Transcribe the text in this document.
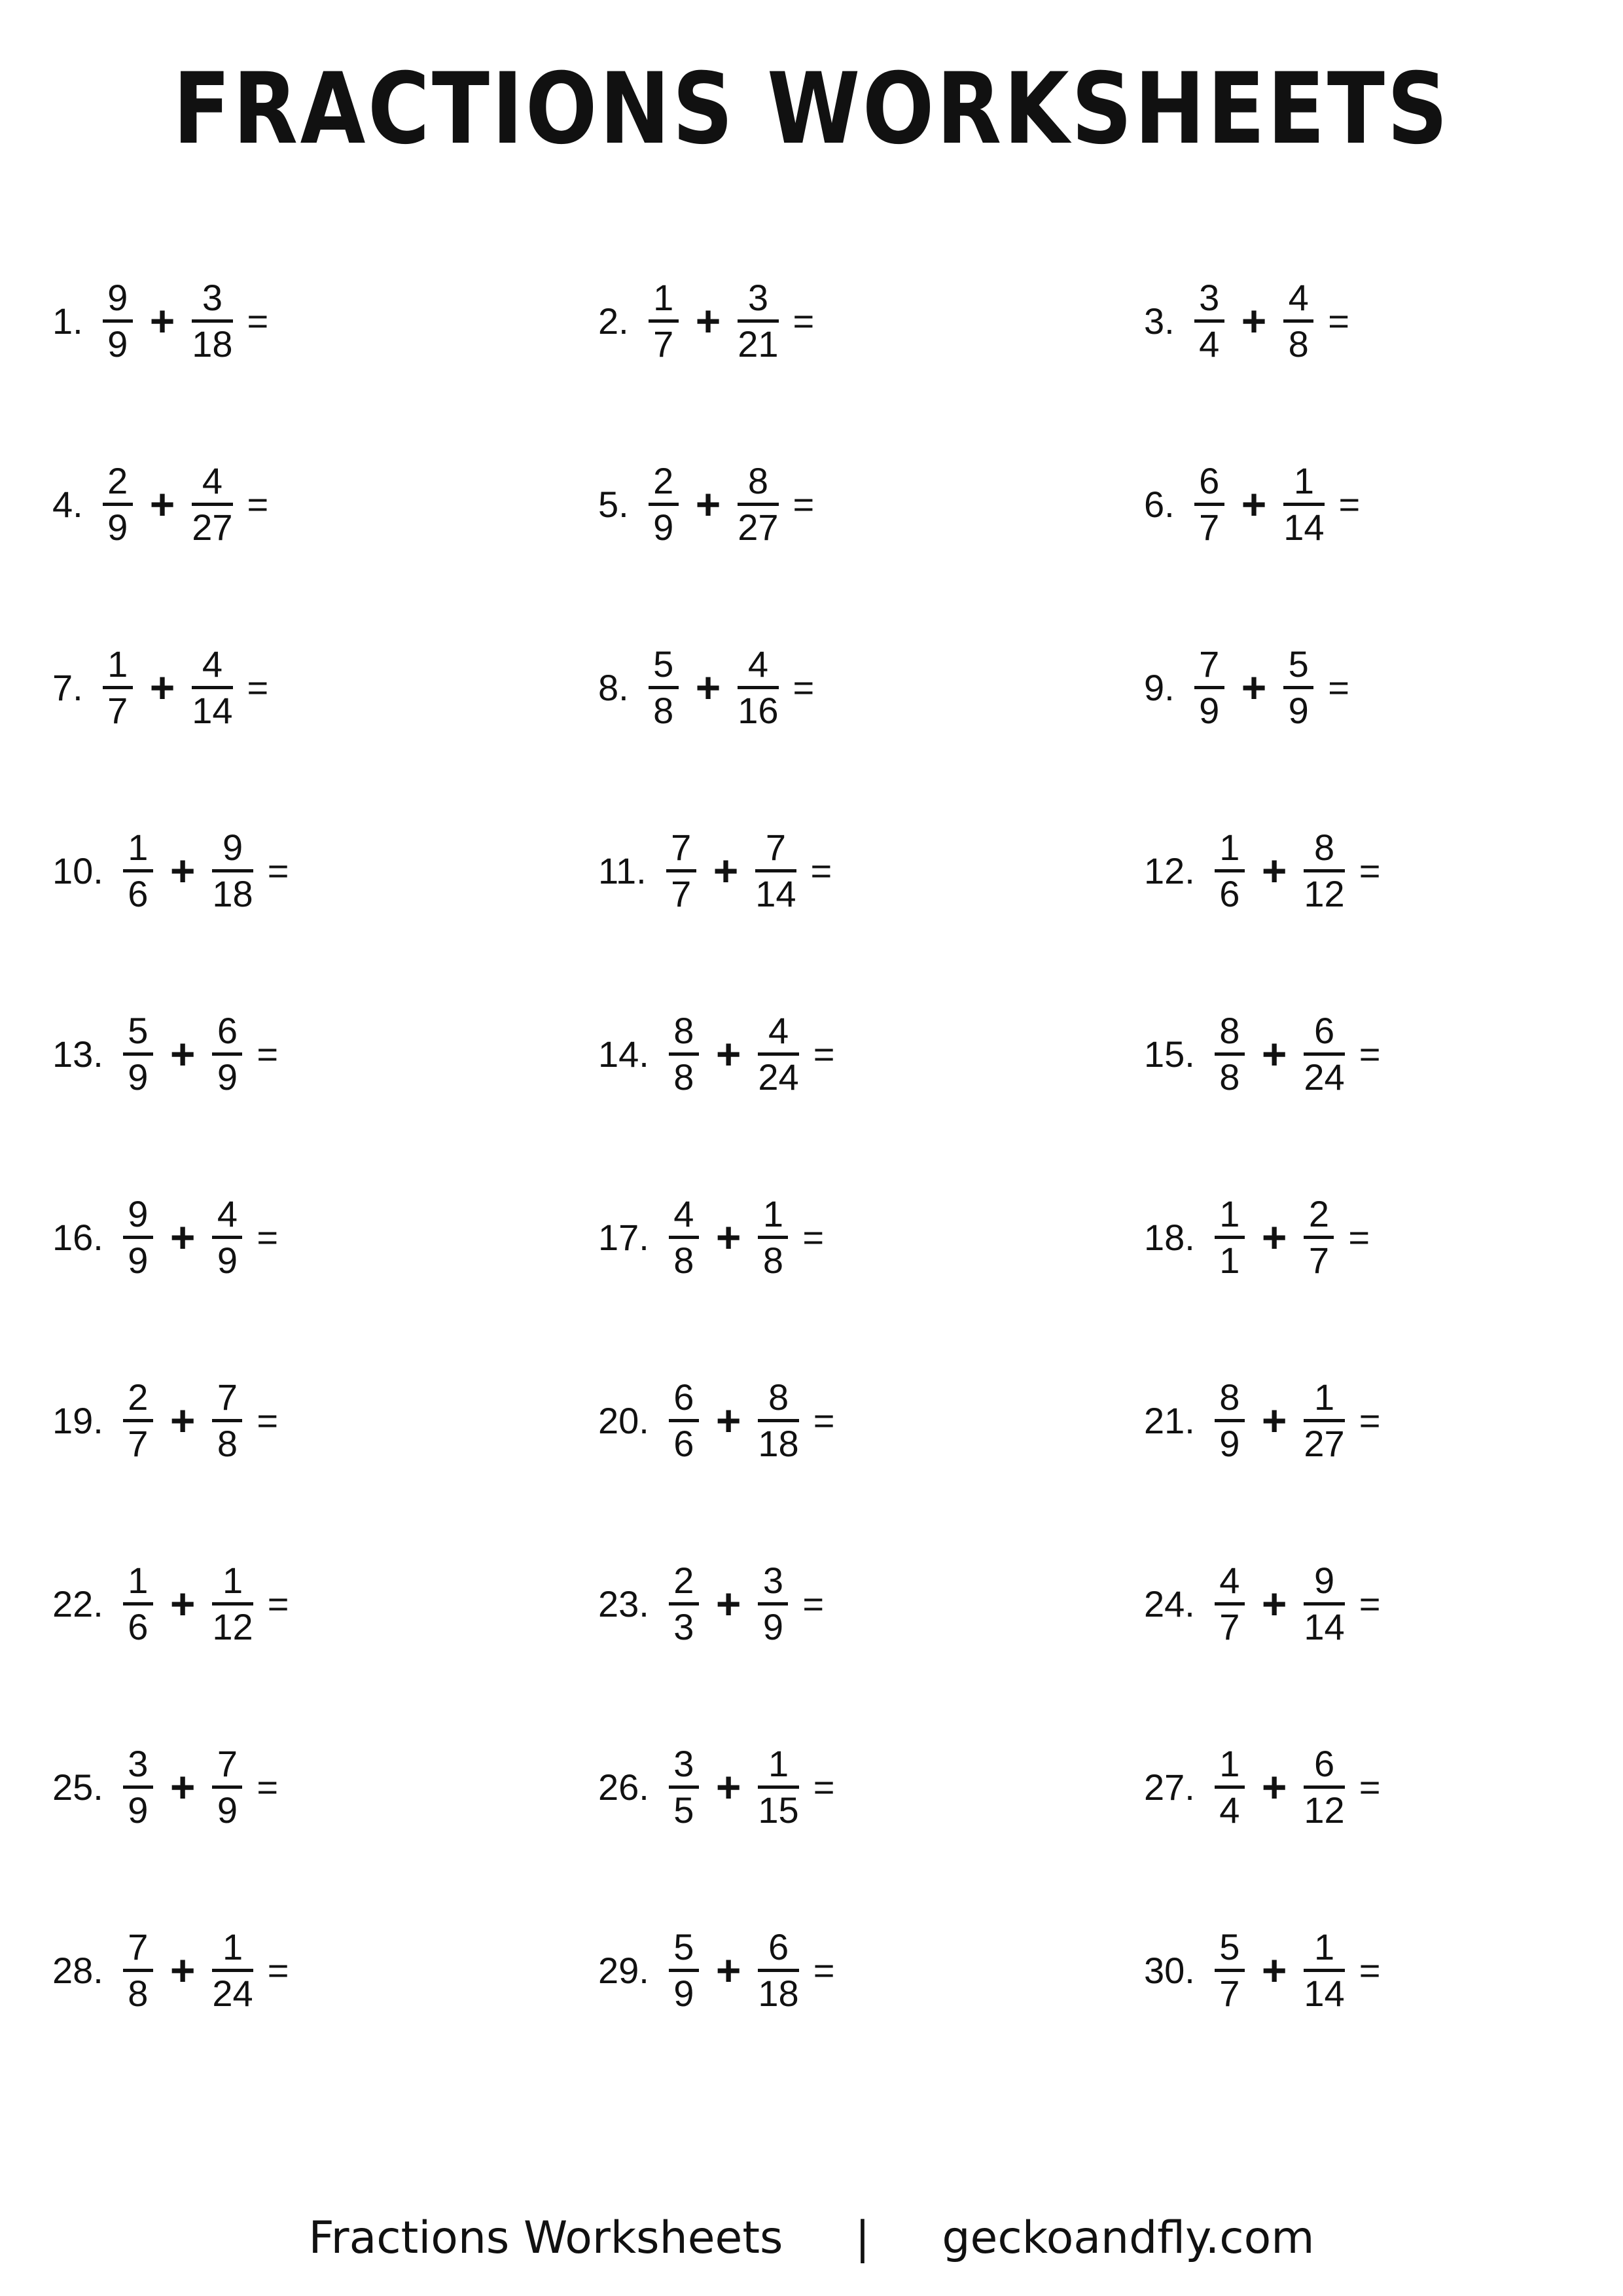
FRACTIONS WORKSHEETS
1.
9
9 + 3
18
=	2.
1
7 + 3
21
=	3.
3
4 + 4
8
=
4.
2
9 + 4
27
=	5.
2
9 + 8
27
=	6.
6
7 + 1
14
=
7.
1
7 + 4
14
=	8.
5
8 + 4
16
=	9.
7
9 + 5
9
=
10.
1
6 + 9
18
=	11.
7
7 + 7
14
=	12.
1
6 + 8
12
=
13.
5
9 + 6
9
=	14.
8
8 + 4
24
=	15.
8
8 + 6
24
=
16.
9
9 + 4
9
=	17.
4
8 + 1
8
=	18.
1
1 + 2
7
=
19.
2
7 + 7
8
=	20.
6
6 + 8
18
=	21.
8
9 + 1
27
=
22.
1
6 + 1
12
=	23.
2
3 + 3
9
=	24.
4
7 + 9
14
=
25.
3
9 + 7
9
=	26.
3
5 + 1
15
=	27.
1
4 + 6
12
=
28.
7
8 + 1
24
=	29.
5
9 + 6
18
=	30.
5
7 + 1
14
=
Fractions Worksheets | geckoandfly.com
